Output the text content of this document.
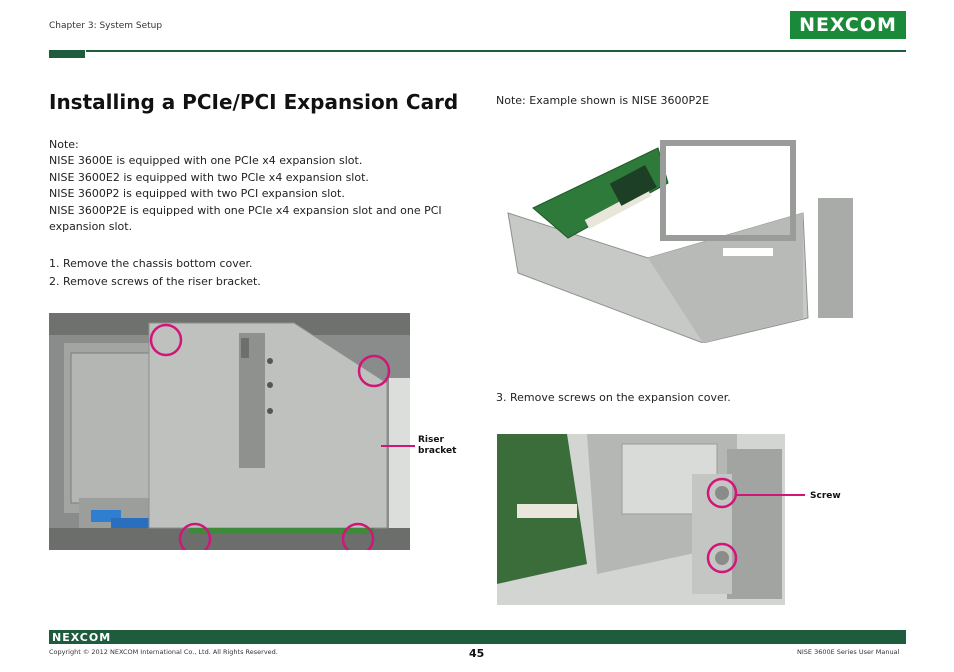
Chapter 3: System Setup	NEXCOM
Installing a PCIe/PCI Expansion Card
Note:
NISE 3600E is equipped with one PCIe x4 expansion slot.
NISE 3600E2 is equipped with two PCIe x4 expansion slot.
NISE 3600P2 is equipped with two PCI expansion slot.
NISE 3600P2E is equipped with one PCIe x4 expansion slot and one PCI expansion slot.
1. Remove the chassis bottom cover.
2. Remove screws of the riser bracket.
Riser
bracket
Note: Example shown is NISE 3600P2E
3. Remove screws on the expansion cover.
Screw
NEXCOM
Copyright © 2012 NEXCOM International Co., Ltd. All Rights Reserved.	45	NISE 3600E Series User Manual
